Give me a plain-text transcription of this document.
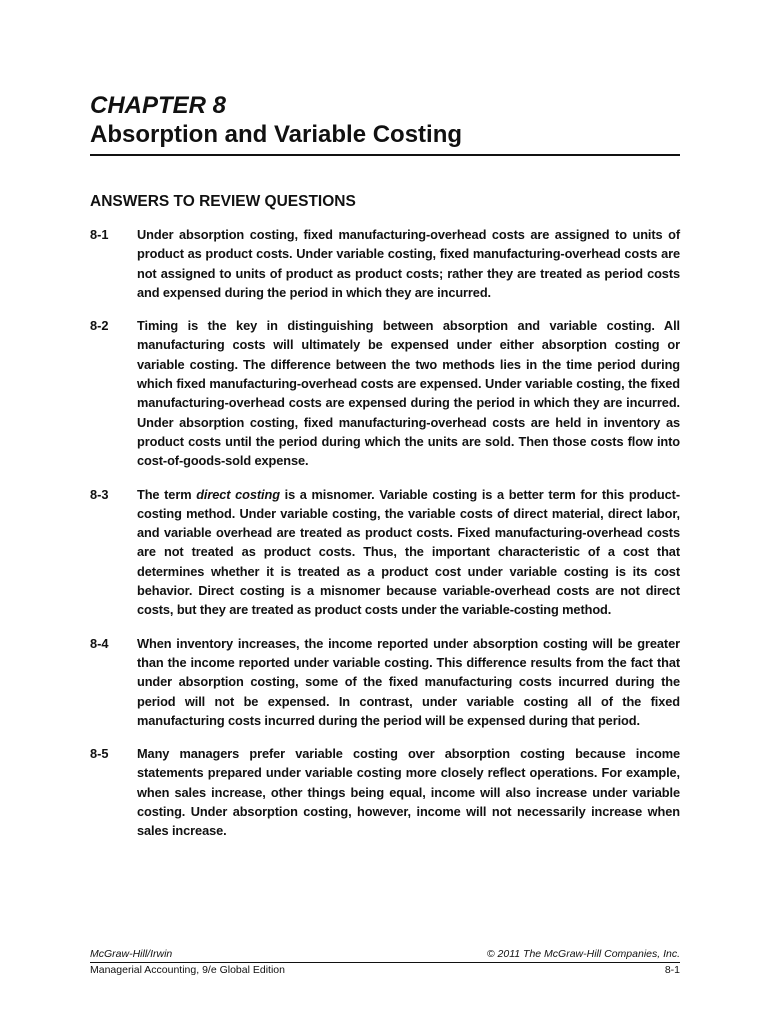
CHAPTER 8
Absorption and Variable Costing
ANSWERS TO REVIEW QUESTIONS
8-1	Under absorption costing, fixed manufacturing-overhead costs are assigned to units of product as product costs. Under variable costing, fixed manufacturing-overhead costs are not assigned to units of product as product costs; rather they are treated as period costs and expensed during the period in which they are incurred.
8-2	Timing is the key in distinguishing between absorption and variable costing. All manufacturing costs will ultimately be expensed under either absorption costing or variable costing. The difference between the two methods lies in the time period during which fixed manufacturing-overhead costs are expensed. Under variable costing, the fixed manufacturing-overhead costs are expensed during the period in which they are incurred. Under absorption costing, fixed manufacturing-overhead costs are held in inventory as product costs until the period during which the units are sold. Then those costs flow into cost-of-goods-sold expense.
8-3	The term direct costing is a misnomer. Variable costing is a better term for this product-costing method. Under variable costing, the variable costs of direct material, direct labor, and variable overhead are treated as product costs. Fixed manufacturing-overhead costs are not treated as product costs. Thus, the important characteristic of a cost that determines whether it is treated as a product cost under variable costing is its cost behavior. Direct costing is a misnomer because variable-overhead costs are not direct costs, but they are treated as product costs under the variable-costing method.
8-4	When inventory increases, the income reported under absorption costing will be greater than the income reported under variable costing. This difference results from the fact that under absorption costing, some of the fixed manufacturing costs incurred during the period will not be expensed. In contrast, under variable costing all of the fixed manufacturing costs incurred during the period will be expensed during that period.
8-5	Many managers prefer variable costing over absorption costing because income statements prepared under variable costing more closely reflect operations. For example, when sales increase, other things being equal, income will also increase under variable costing. Under absorption costing, however, income will not necessarily increase when sales increase.
McGraw-Hill/Irwin	© 2011 The McGraw-Hill Companies, Inc.
Managerial Accounting, 9/e Global Edition	8-1
